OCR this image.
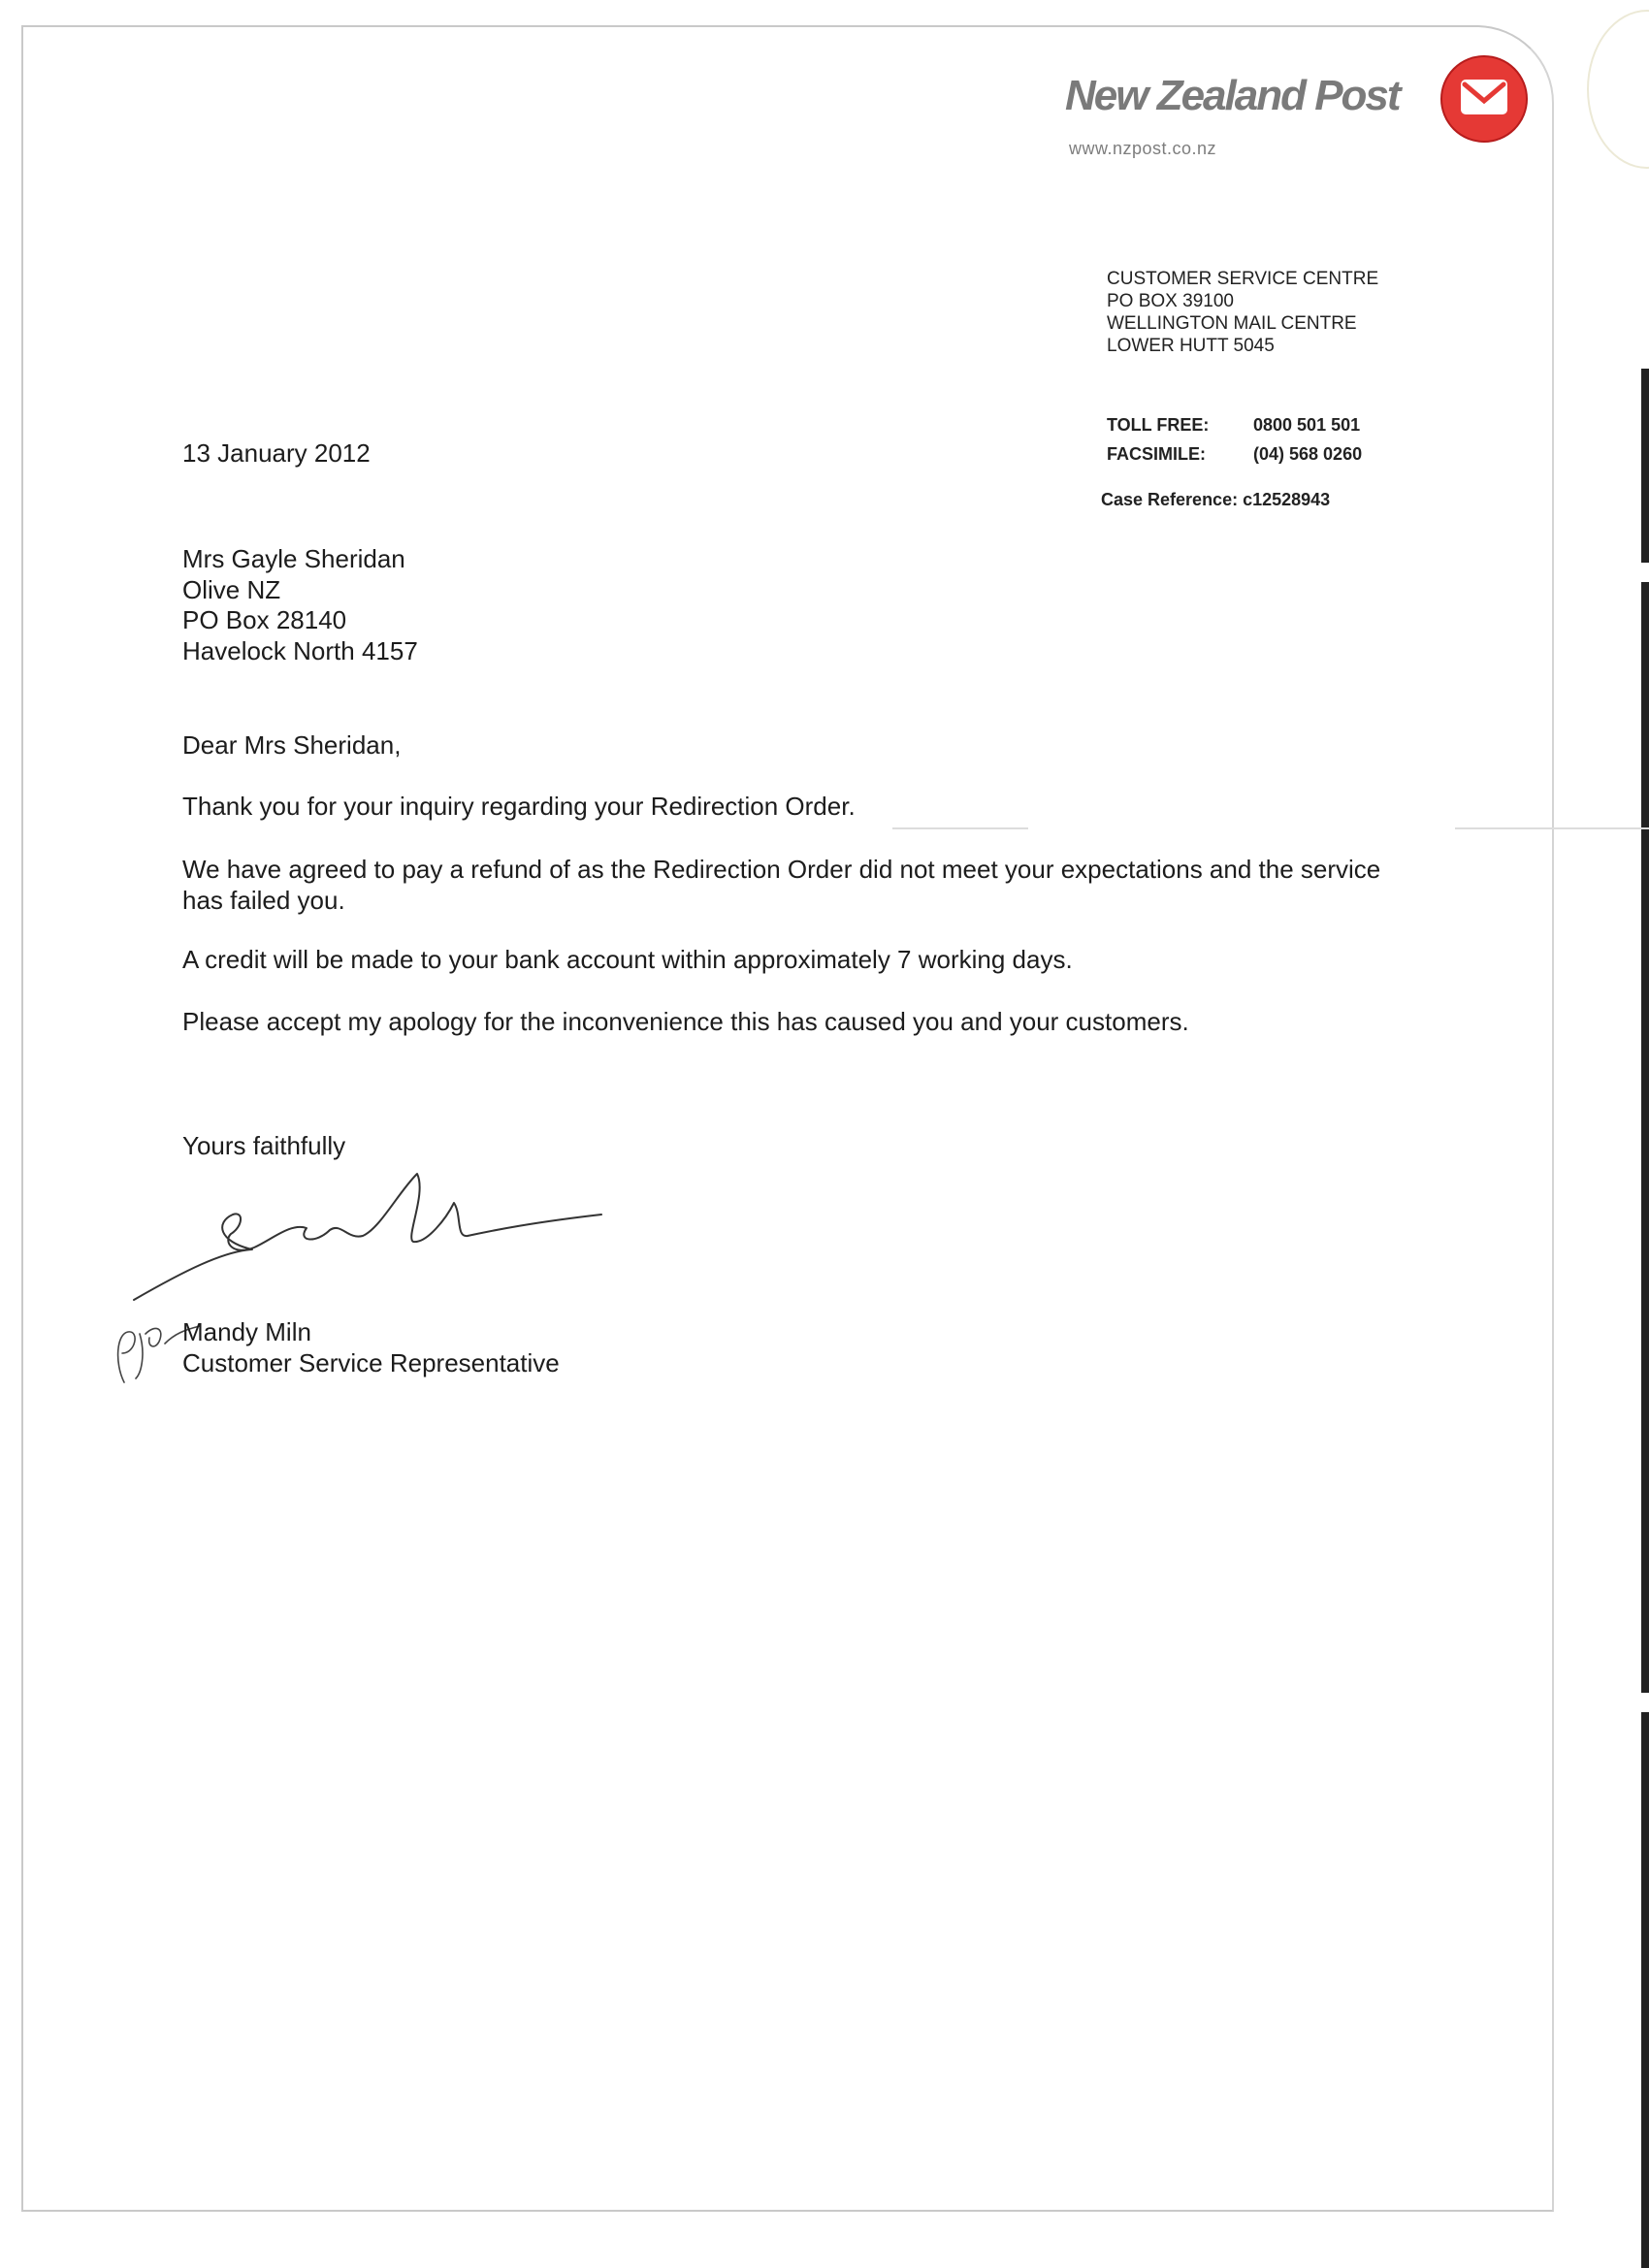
New Zealand Post
www.nzpost.co.nz
CUSTOMER SERVICE CENTRE
PO BOX 39100
WELLINGTON MAIL CENTRE
LOWER HUTT 5045
TOLL FREE:	0800 501 501
FACSIMILE:	(04) 568 0260
Case Reference: c12528943
13 January 2012
Mrs Gayle Sheridan
Olive NZ
PO Box 28140
Havelock North 4157
Dear Mrs Sheridan,
Thank you for your inquiry regarding your Redirection Order.
We have agreed to pay a refund of as the Redirection Order did not meet your expectations and the service has failed you.
A credit will be made to your bank account within approximately 7 working days.
Please accept my apology for the inconvenience this has caused you and your customers.
Yours faithfully
Mandy Miln
Customer Service Representative
